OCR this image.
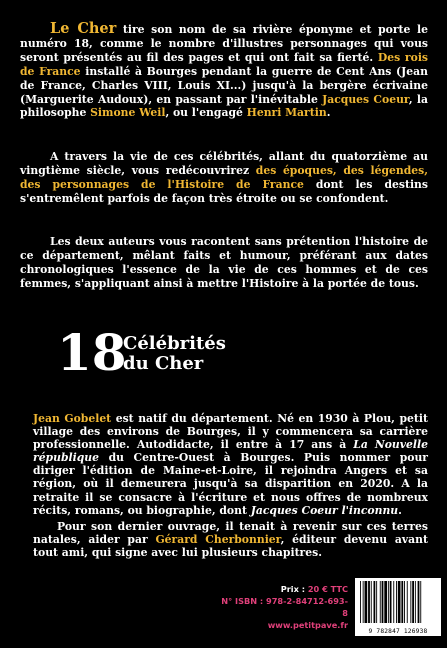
Le Cher tire son nom de sa rivière éponyme et porte le numéro 18, comme le nombre d'illustres personnages qui vous seront présentés au fil des pages et qui ont fait sa fierté. Des rois de France installé à Bourges pendant la guerre de Cent Ans (Jean de France, Charles VIII, Louis XI...) jusqu'à la bergère écrivaine (Marguerite Audoux), en passant par l'inévitable Jacques Coeur, la philosophe Simone Weil, ou l'engagé Henri Martin.

A travers la vie de ces célébrités, allant du quatorzième au vingtième siècle, vous redécouvrirez des époques, des légendes, des personnages de l'Histoire de France dont les destins s'entremêlent parfois de façon très étroite ou se confondent.

Les deux auteurs vous racontent sans prétention l'histoire de ce département, mêlant faits et humour, préférant aux dates chronologiques l'essence de la vie de ces hommes et de ces femmes, s'appliquant ainsi à mettre l'Histoire à la portée de tous.

18
Célébrités
du Cher

Jean Gobelet est natif du département. Né en 1930 à Plou, petit village des environs de Bourges, il y commencera sa carrière professionnelle. Autodidacte, il entre à 17 ans à La Nouvelle république du Centre-Ouest à Bourges. Puis nommer pour diriger l'édition de Maine-et-Loire, il rejoindra Angers et sa région, où il demeurera jusqu'à sa disparition en 2020. A la retraite il se consacre à l'écriture et nous offres de nombreux récits, romans, ou biographie, dont Jacques Coeur l'inconnu.

Pour son dernier ouvrage, il tenait à revenir sur ces terres natales, aider par Gérard Cherbonnier, éditeur devenu avant tout ami, qui signe avec lui plusieurs chapitres.

Prix : 20 € TTC
N° ISBN : 978-2-84712-693-8
www.petitpave.fr
9 782847 126938
